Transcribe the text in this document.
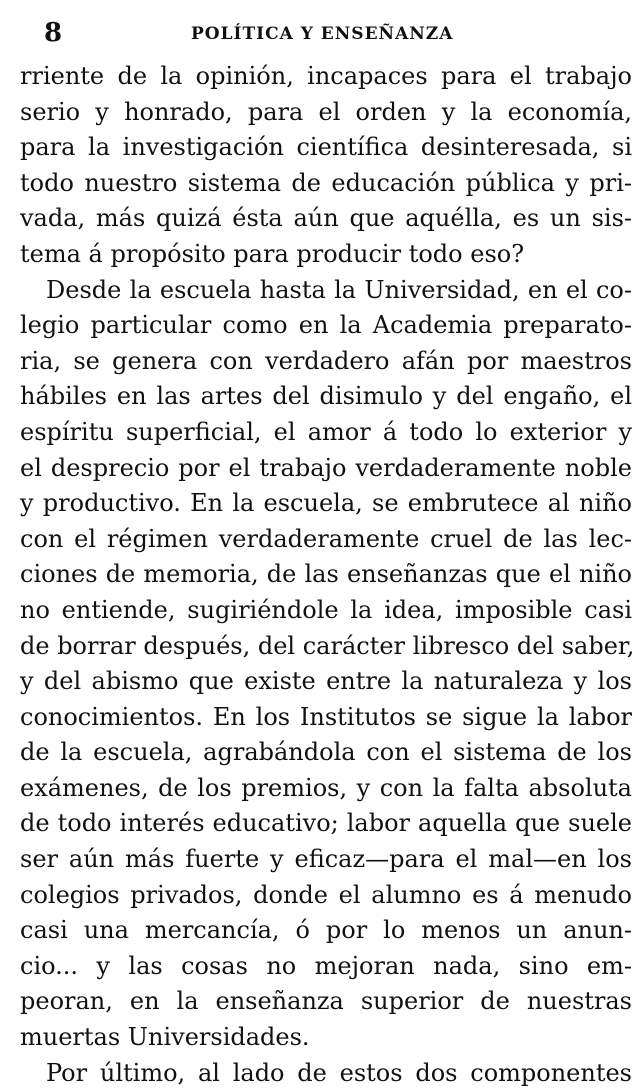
8	POLÍTICA Y ENSEÑANZA
rriente de la opinión, incapaces para el trabajo
serio y honrado, para el orden y la economía,
para la investigación científica desinteresada, si
todo nuestro sistema de educación pública y pri-
vada, más quizá ésta aún que aquélla, es un sis-
tema á propósito para producir todo eso?
Desde la escuela hasta la Universidad, en el co-
legio particular como en la Academia preparato-
ria, se genera con verdadero afán por maestros
hábiles en las artes del disimulo y del engaño, el
espíritu superficial, el amor á todo lo exterior y
el desprecio por el trabajo verdaderamente noble
y productivo. En la escuela, se embrutece al niño
con el régimen verdaderamente cruel de las lec-
ciones de memoria, de las enseñanzas que el niño
no entiende, sugiriéndole la idea, imposible casi
de borrar después, del carácter libresco del saber,
y del abismo que existe entre la naturaleza y los
conocimientos. En los Institutos se sigue la labor
de la escuela, agrabándola con el sistema de los
exámenes, de los premios, y con la falta absoluta
de todo interés educativo; labor aquella que suele
ser aún más fuerte y eficaz—para el mal—en los
colegios privados, donde el alumno es á menudo
casi una mercancía, ó por lo menos un anun-
cio... y las cosas no mejoran nada, sino em-
peoran, en la enseñanza superior de nuestras
muertas Universidades.
Por último, al lado de estos dos componentes
